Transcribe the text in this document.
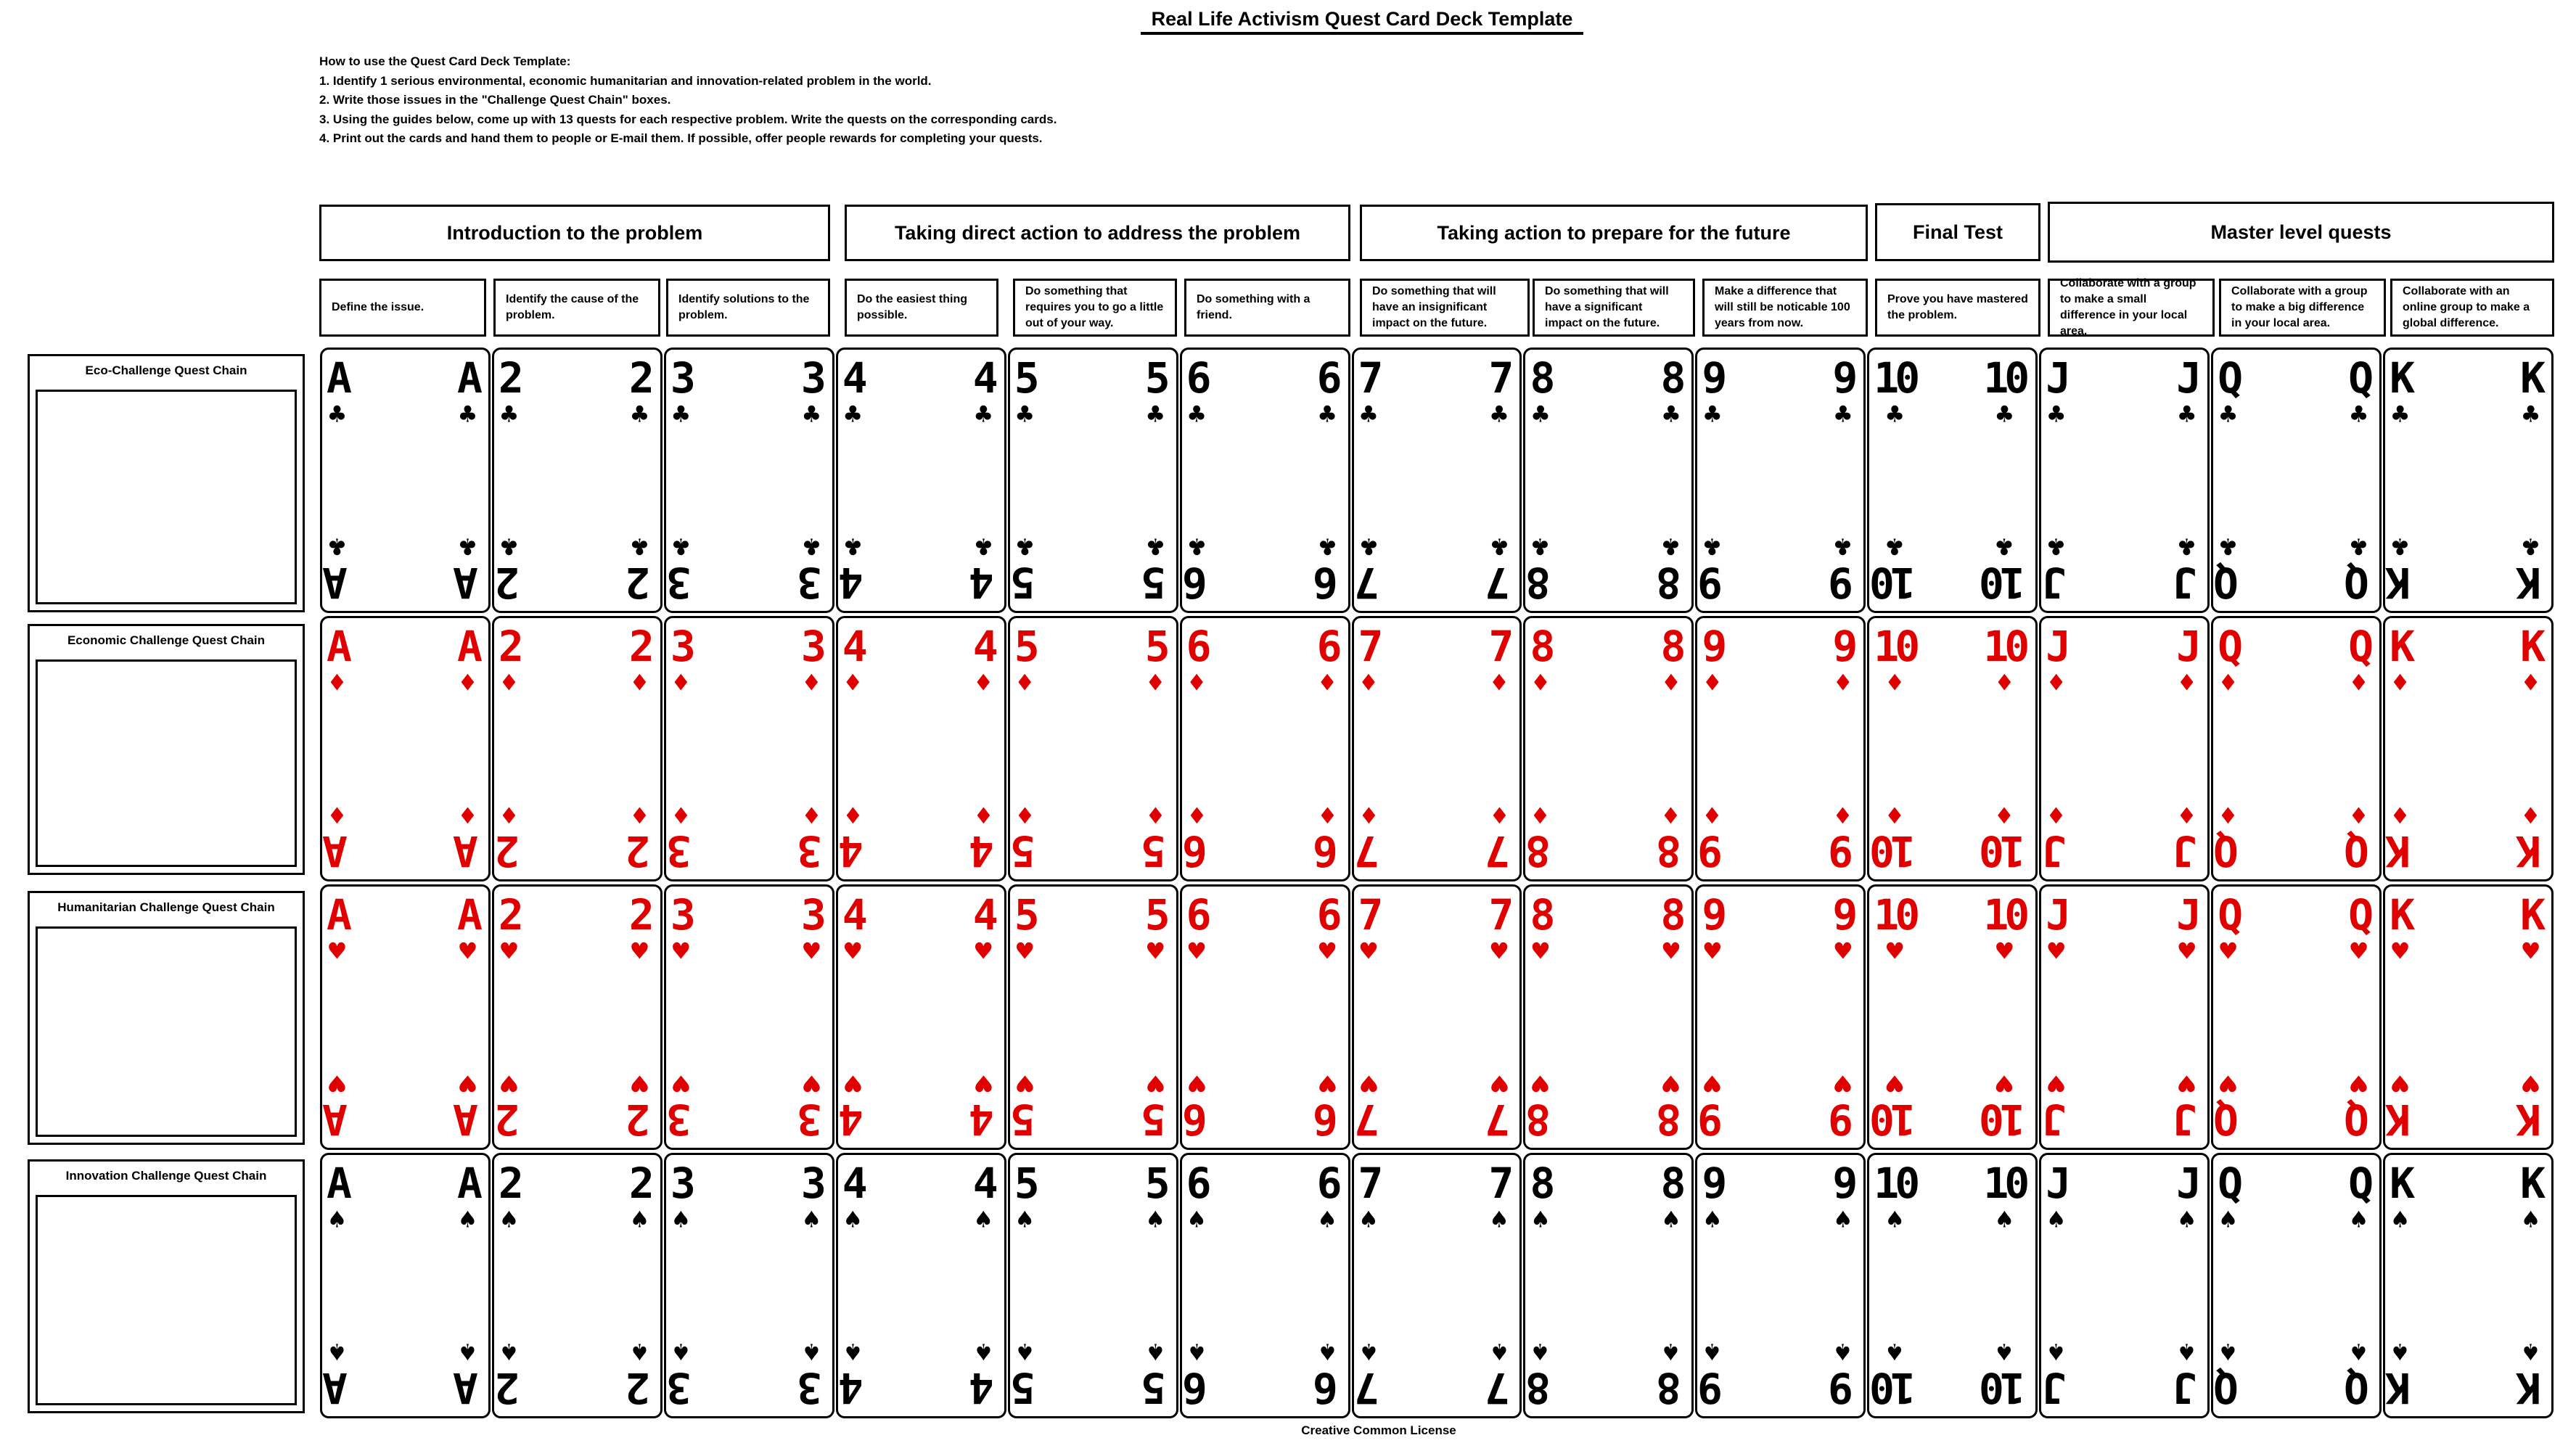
Real Life Activism Quest Card Deck Template
How to use the Quest Card Deck Template:
1. Identify 1 serious environmental, economic humanitarian and innovation-related problem in the world.
2. Write those issues in the "Challenge Quest Chain" boxes.
3. Using the guides below, come up with 13 quests for each respective problem. Write the quests on the corresponding cards.
4. Print out the cards and hand them to people or E-mail them. If possible, offer people rewards for completing your quests.
Introduction to the problem	Taking direct action to address the problem	Taking action to prepare for the future	Final Test	Master level quests
Define the issue.
Identify the cause of the problem.
Identify solutions to the problem.
Do the easiest thing possible.
Do something that requires you to go a little out of your way.
Do something with a friend.
Do something that will have an insignificant impact on the future.
Do something that will have a significant impact on the future.
Make a difference that will still be noticable 100 years from now.
Prove you have mastered the problem.
Collaborate with a group to make a small difference in your local area.
Collaborate with a group to make a big difference in your local area.
Collaborate with an online group to make a global difference.
Eco-Challenge Quest Chain
Economic Challenge Quest Chain
Humanitarian Challenge Quest Chain
Innovation Challenge Quest Chain
A
♣
A
♣
A
♣
A
♣
2
♣
2
♣
2
♣
2
♣
3
♣
3
♣
3
♣
3
♣
4
♣
4
♣
4
♣
4
♣
5
♣
5
♣
5
♣
5
♣
6
♣
6
♣
6
♣
6
♣
7
♣
7
♣
7
♣
7
♣
8
♣
8
♣
8
♣
8
♣
9
♣
9
♣
9
♣
9
♣
10
♣
10
♣
10
♣
10
♣
J
♣
J
♣
J
♣
J
♣
Q
♣
Q
♣
Q
♣
Q
♣
K
♣
K
♣
K
♣
K
♣
A
♦
A
♦
A
♦
A
♦
2
♦
2
♦
2
♦
2
♦
3
♦
3
♦
3
♦
3
♦
4
♦
4
♦
4
♦
4
♦
5
♦
5
♦
5
♦
5
♦
6
♦
6
♦
6
♦
6
♦
7
♦
7
♦
7
♦
7
♦
8
♦
8
♦
8
♦
8
♦
9
♦
9
♦
9
♦
9
♦
10
♦
10
♦
10
♦
10
♦
J
♦
J
♦
J
♦
J
♦
Q
♦
Q
♦
Q
♦
Q
♦
K
♦
K
♦
K
♦
K
♦
A
♥
A
♥
A
♥
A
♥
2
♥
2
♥
2
♥
2
♥
3
♥
3
♥
3
♥
3
♥
4
♥
4
♥
4
♥
4
♥
5
♥
5
♥
5
♥
5
♥
6
♥
6
♥
6
♥
6
♥
7
♥
7
♥
7
♥
7
♥
8
♥
8
♥
8
♥
8
♥
9
♥
9
♥
9
♥
9
♥
10
♥
10
♥
10
♥
10
♥
J
♥
J
♥
J
♥
J
♥
Q
♥
Q
♥
Q
♥
Q
♥
K
♥
K
♥
K
♥
K
♥
A
♠
A
♠
A
♠
A
♠
2
♠
2
♠
2
♠
2
♠
3
♠
3
♠
3
♠
3
♠
4
♠
4
♠
4
♠
4
♠
5
♠
5
♠
5
♠
5
♠
6
♠
6
♠
6
♠
6
♠
7
♠
7
♠
7
♠
7
♠
8
♠
8
♠
8
♠
8
♠
9
♠
9
♠
9
♠
9
♠
10
♠
10
♠
10
♠
10
♠
J
♠
J
♠
J
♠
J
♠
Q
♠
Q
♠
Q
♠
Q
♠
K
♠
K
♠
K
♠
K
♠
Creative Common License
